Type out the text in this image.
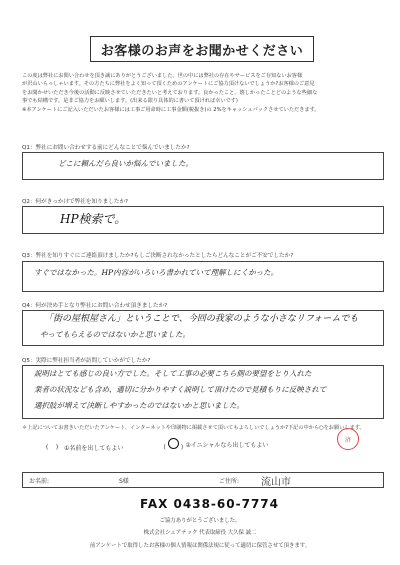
お客様のお声をお聞かせください
この度は弊社にお問い合わせを頂き誠にありがとうございました。世の中には弊社の存在やサービスをご存知ないお客様
が沢山いらっしゃいます。その方たちに弊社をよく知って頂くためのアンケートにご協力頂けないでしょうか?お客様のご意見
をお聞かせいただき今後の活動に反映させていただきたいと考えております。良かったこと、嬉しかったことどのような些細な
事でも結構です。是非ご協力をお願いします。(出来る限り具体的に書いて頂ければ幸いです)
※本アンケートにご記入いただいたお客様には工事ご用命時に工事金額(税抜き)の 2%をキャッシュバックさせていただきます。
Q1：弊社にお問い合わせする前にどんなことで悩んでいましたか?
どこに頼んだら良いか悩んでいました。
Q2：何がきっかけで弊社を知りましたか?
HP検索で。
Q3：弊社を知りすぐにご連絡頂けましたか?もしご決断されなかったとしたらどんなことがご不安でしたか?
すぐではなかった。HP内容がいろいろ書かれていて理解しにくかった。
Q4：何が決め手となり弊社にお問い合わせ頂きましたか?
「街の屋根屋さん」ということで、今回の我家のような小さなリフォームでも
やってもらえるのではないかと思いました。
Q5：実際に弊社担当者が訪問していかがでしたか?
説明はとても感じの良い方でした。そして工事の必要こちら側の要望をとり入れた
業者の状況なども含め、適切に分かりやすく説明して頂けたので見積もりに反映されて
選択肢が増えて決断しやすかったのではないかと思いました。
＊上記についてお書きいただいたアンケート、インターネットや印刷物に掲載させて頂いてもよろしいでしょうか?下記の中から○をお願いします。
(    ) ①名前を出してもよい
	(	) ②イニシャルなら出してもよい
済
お名前:	S様	ご住所: 流山市
FAX 0438-60-7774
ご協力ありがとうございました。
株式会社シェアテック 代表取締役 大久保 誠二
前アンケートで取得したお客様の個人情報は関係法規に従って適切に保管させて頂きます。
